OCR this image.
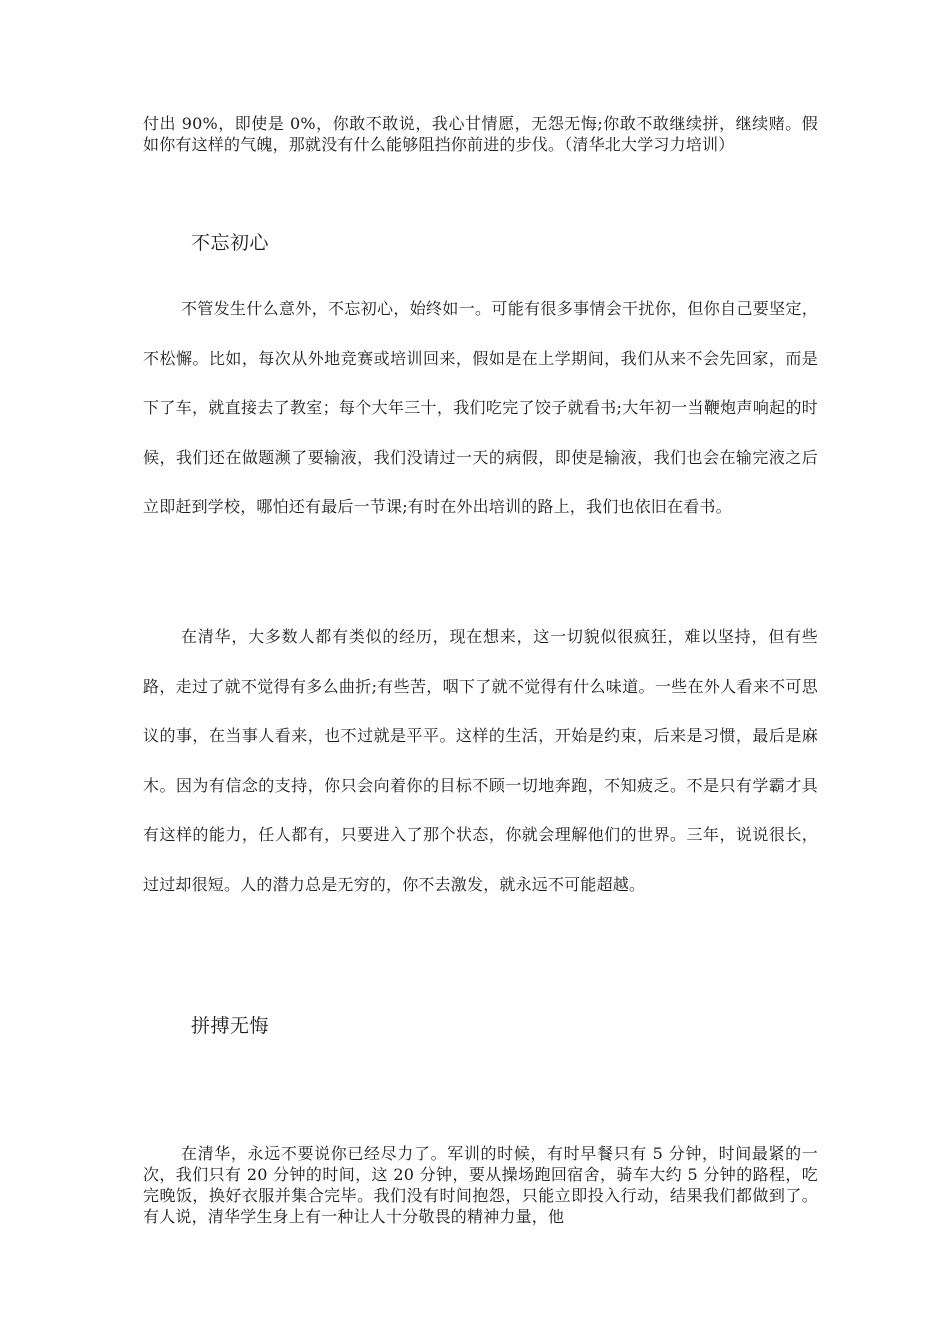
付出 90%，即使是 0%，你敢不敢说，我心甘情愿，无怨无悔;你敢不敢继续拼，继续赌。假如你有这样的气魄，那就没有什么能够阻挡你前进的步伐。（清华北大学习力培训）

不忘初心

不管发生什么意外，不忘初心，始终如一。可能有很多事情会干扰你，但你自己要坚定，不松懈。比如，每次从外地竞赛或培训回来，假如是在上学期间，我们从来不会先回家，而是下了车，就直接去了教室；每个大年三十，我们吃完了饺子就看书;大年初一当鞭炮声响起的时候，我们还在做题濒了要输液，我们没请过一天的病假，即使是输液，我们也会在输完液之后立即赶到学校，哪怕还有最后一节课;有时在外出培训的路上，我们也依旧在看书。

在清华，大多数人都有类似的经历，现在想来，这一切貌似很疯狂，难以坚持，但有些路，走过了就不觉得有多么曲折;有些苦，咽下了就不觉得有什么味道。一些在外人看来不可思议的事，在当事人看来，也不过就是平平。这样的生活，开始是约束，后来是习惯，最后是麻木。因为有信念的支持，你只会向着你的目标不顾一切地奔跑，不知疲乏。不是只有学霸才具有这样的能力，任人都有，只要进入了那个状态，你就会理解他们的世界。三年，说说很长，过过却很短。人的潜力总是无穷的，你不去激发，就永远不可能超越。

拼搏无悔

在清华，永远不要说你已经尽力了。军训的时候，有时早餐只有 5 分钟，时间最紧的一次，我们只有 20 分钟的时间，这 20 分钟，要从操场跑回宿舍，骑车大约 5 分钟的路程，吃完晚饭，换好衣服并集合完毕。我们没有时间抱怨，只能立即投入行动，结果我们都做到了。有人说，清华学生身上有一种让人十分敬畏的精神力量，他
